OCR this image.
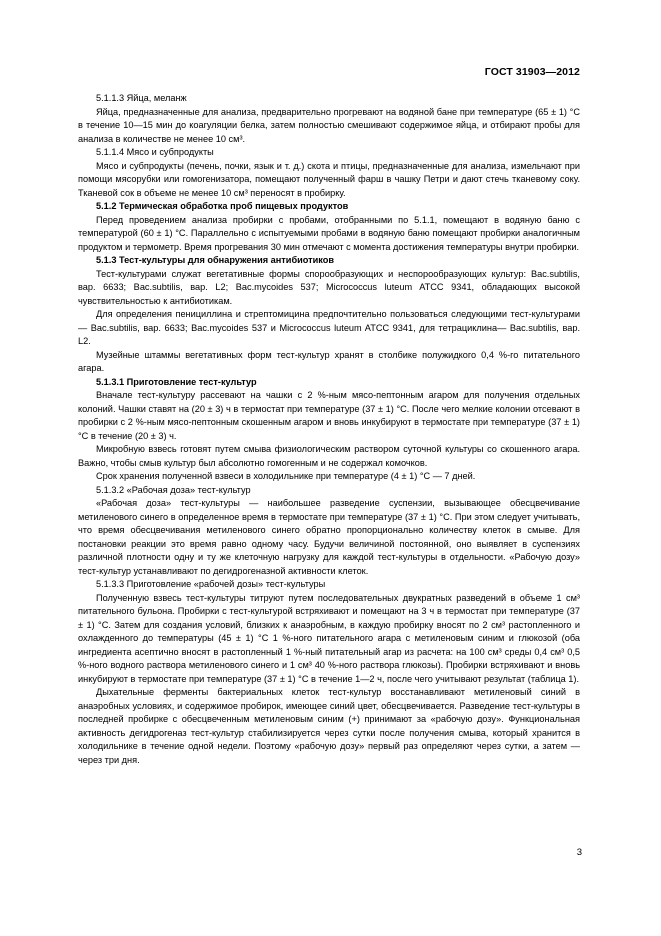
ГОСТ 31903—2012
5.1.1.3 Яйца, меланж

Яйца, предназначенные для анализа, предварительно прогревают на водяной бане при температуре (65 ± 1) °С в течение 10—15 мин до коагуляции белка, затем полностью смешивают содержимое яйца, и отбирают пробы для анализа в количестве не менее 10 см³.

5.1.1.4 Мясо и субпродукты

Мясо и субпродукты (печень, почки, язык и т. д.) скота и птицы, предназначенные для анализа, измельчают при помощи мясорубки или гомогенизатора, помещают полученный фарш в чашку Петри и дают стечь тканевому соку. Тканевой сок в объеме не менее 10 см³ переносят в пробирку.

5.1.2 Термическая обработка проб пищевых продуктов

Перед проведением анализа пробирки с пробами, отобранными по 5.1.1, помещают в водяную баню с температурой (60 ± 1) °С. Параллельно с испытуемыми пробами в водяную баню помещают пробирки аналогичным продуктом и термометр. Время прогревания 30 мин отмечают с момента достижения температуры внутри пробирки.

5.1.3 Тест-культуры для обнаружения антибиотиков

Тест-культурами служат вегетативные формы спорообразующих и неспорообразующих культур: Bac.subtilis, вар. 6633; Bac.subtilis, вар. L2; Bac.mycoides 537; Micrococcus luteum ATCC 9341, обладающих высокой чувствительностью к антибиотикам.

Для определения пенициллина и стрептомицина предпочтительно пользоваться следующими тест-культурами— Bac.subtilis, вар. 6633; Bac.mycoides 537 и Micrococcus luteum ATCC 9341, для тетрациклина— Bac.subtilis, вар. L2.

Музейные штаммы вегетативных форм тест-культур хранят в столбике полужидкого 0,4 %-го питательного агара.

5.1.3.1 Приготовление тест-культур

Вначале тест-культуру рассевают на чашки с 2 %-ным мясо-пептонным агаром для получения отдельных колоний. Чашки ставят на (20 ± 3) ч в термостат при температуре (37 ± 1) °С. После чего мелкие колонии отсевают в пробирки с 2 %-ным мясо-пептонным скошенным агаром и вновь инкубируют в термостате при температуре (37 ± 1) °С в течение (20 ± 3) ч.

Микробную взвесь готовят путем смыва физиологическим раствором суточной культуры со скошенного агара. Важно, чтобы смыв культур был абсолютно гомогенным и не содержал комочков.

Срок хранения полученной взвеси в холодильнике при температуре (4 ± 1) °С — 7 дней.

5.1.3.2 «Рабочая доза» тест-культур

«Рабочая доза» тест-культуры — наибольшее разведение суспензии, вызывающее обесцвечивание метиленового синего в определенное время в термостате при температуре (37 ± 1) °С. При этом следует учитывать, что время обесцвечивания метиленового синего обратно пропорционально количеству клеток в смыве. Для постановки реакции это время равно одному часу. Будучи величиной постоянной, оно выявляет в суспензиях различной плотности одну и ту же клеточную нагрузку для каждой тест-культуры в отдельности. «Рабочую дозу» тест-культур устанавливают по дегидрогеназной активности клеток.

5.1.3.3 Приготовление «рабочей дозы» тест-культуры

Полученную взвесь тест-культуры титруют путем последовательных двукратных разведений в объеме 1 см³ питательного бульона. Пробирки с тест-культурой встряхивают и помещают на 3 ч в термостат при температуре (37 ± 1) °С. Затем для создания условий, близких к анаэробным, в каждую пробирку вносят по 2 см³ растопленного и охлажденного до температуры (45 ± 1) °С 1 %-ного питательного агара с метиленовым синим и глюкозой (оба ингредиента асептично вносят в растопленный 1 %-ный питательный агар из расчета: на 100 см³ среды 0,4 см³ 0,5 %-ного водного раствора метиленового синего и 1 см³ 40 %-ного раствора глюкозы). Пробирки встряхивают и вновь инкубируют в термостате при температуре (37 ± 1) °С в течение 1—2 ч, после чего учитывают результат (таблица 1).

Дыхательные ферменты бактериальных клеток тест-культур восстанавливают метиленовый синий в анаэробных условиях, и содержимое пробирок, имеющее синий цвет, обесцвечивается. Разведение тест-культуры в последней пробирке с обесцвеченным метиленовым синим (+) принимают за «рабочую дозу». Функциональная активность дегидрогеназ тест-культур стабилизируется через сутки после получения смыва, который хранится в холодильнике в течение одной недели. Поэтому «рабочую дозу» первый раз определяют через сутки, а затем — через три дня.

3
